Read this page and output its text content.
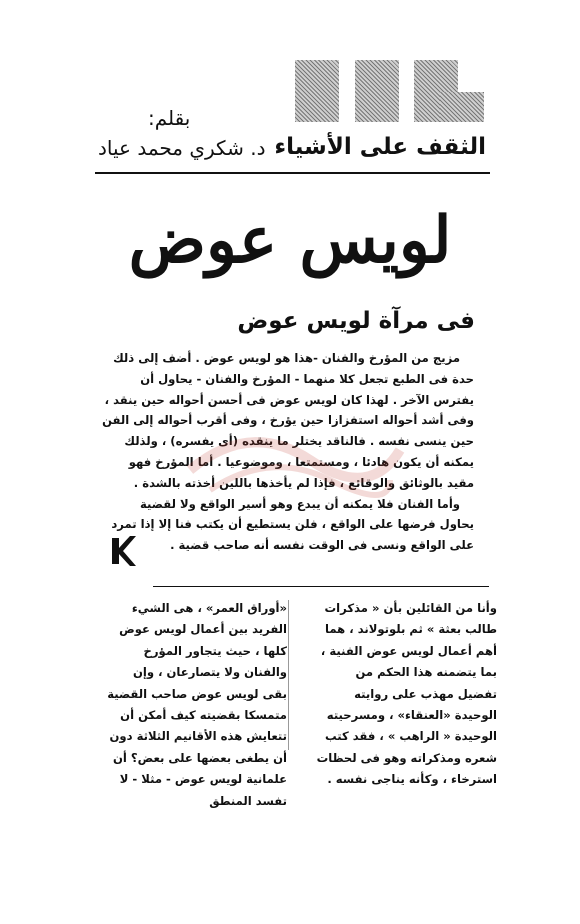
الثقف على الأشياء
بقلم:
د. شكري محمد عياد
لويس عوض
فى مرآة لويس عوض

مزيج من المؤرخ والفنان -هذا هو لويس عوض . أضف إلى ذلك حدة فى الطبع تجعل كلا منهما - المؤرخ والفنان - يحاول أن يفترس الآخر . لهذا كان لويس عوض فى أحسن أحواله حين ينقد ، وفى أشد أحواله استفزازا حين يؤرخ ، وفى أقرب أحواله إلى الفن حين ينسى نفسه . فالناقد يختلر ما ينقده (أى يفسره) ، ولذلك يمكنه أن يكون هادئا ، ومستمتعا ، وموضوعيا . أما المؤرخ فهو مقيد بالوثائق والوقائع ، فإذا لم يأخذها باللين أخذته بالشدة .

وأما الفنان فلا يمكنه أن يبدع وهو أسير الواقع ولا لقضية يحاول فرضها على الواقع ، فلن يستطيع أن يكتب فنا إلا إذا تمرد على الواقع ونسى فى الوقت نفسه أنه صاحب قضية .

وأنا من القائلين بأن « مذكرات طالب بعثة » ثم بلوتولاند ، هما أهم أعمال لويس عوض الفنية ، بما يتضمنه هذا الحكم من تفضيل مهذب على روايته الوحيدة «العنقاء» ، ومسرحيته الوحيدة « الراهب » ، فقد كتب شعره ومذكراته وهو فى لحظات استرخاء ، وكأنه يناجى نفسه .
«أوراق العمر» ، هى الشيء الفريد بين أعمال لويس عوض كلها ، حيث يتجاور المؤرخ والفنان ولا يتصارعان ، وإن بقى لويس عوض صاحب القضية متمسكا بقضيته كيف أمكن أن تتعايش هذه الأقانيم الثلاثة دون أن يطغى بعضها على بعض؟ أن علمانية لويس عوض - مثلا - لا تفسد المنطق
